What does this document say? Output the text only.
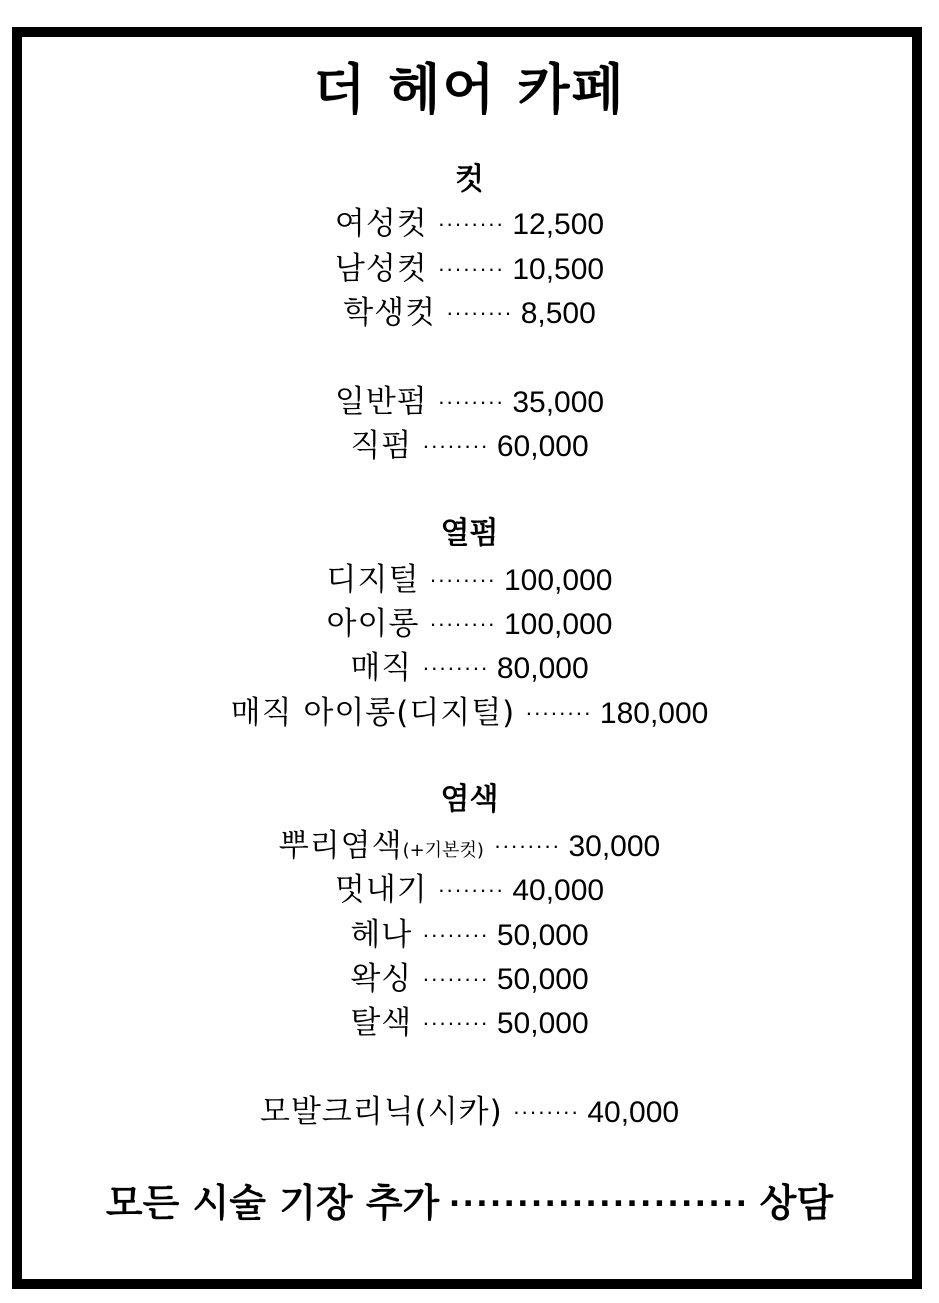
더 헤어 카페
컷
여성컷 ········ 12,500
남성컷 ········ 10,500
학생컷 ········ 8,500
일반펌 ········ 35,000
직펌 ········ 60,000
열펌
디지털 ········ 100,000
아이롱 ········ 100,000
매직 ········ 80,000
매직 아이롱(디지털) ········ 180,000
염색
뿌리염색(+기본컷) ········ 30,000
멋내기 ········ 40,000
헤나 ········ 50,000
왁싱 ········ 50,000
탈색 ········ 50,000
모발크리닉(시카) ········ 40,000
모든 시술 기장 추가 ······················ 상담
